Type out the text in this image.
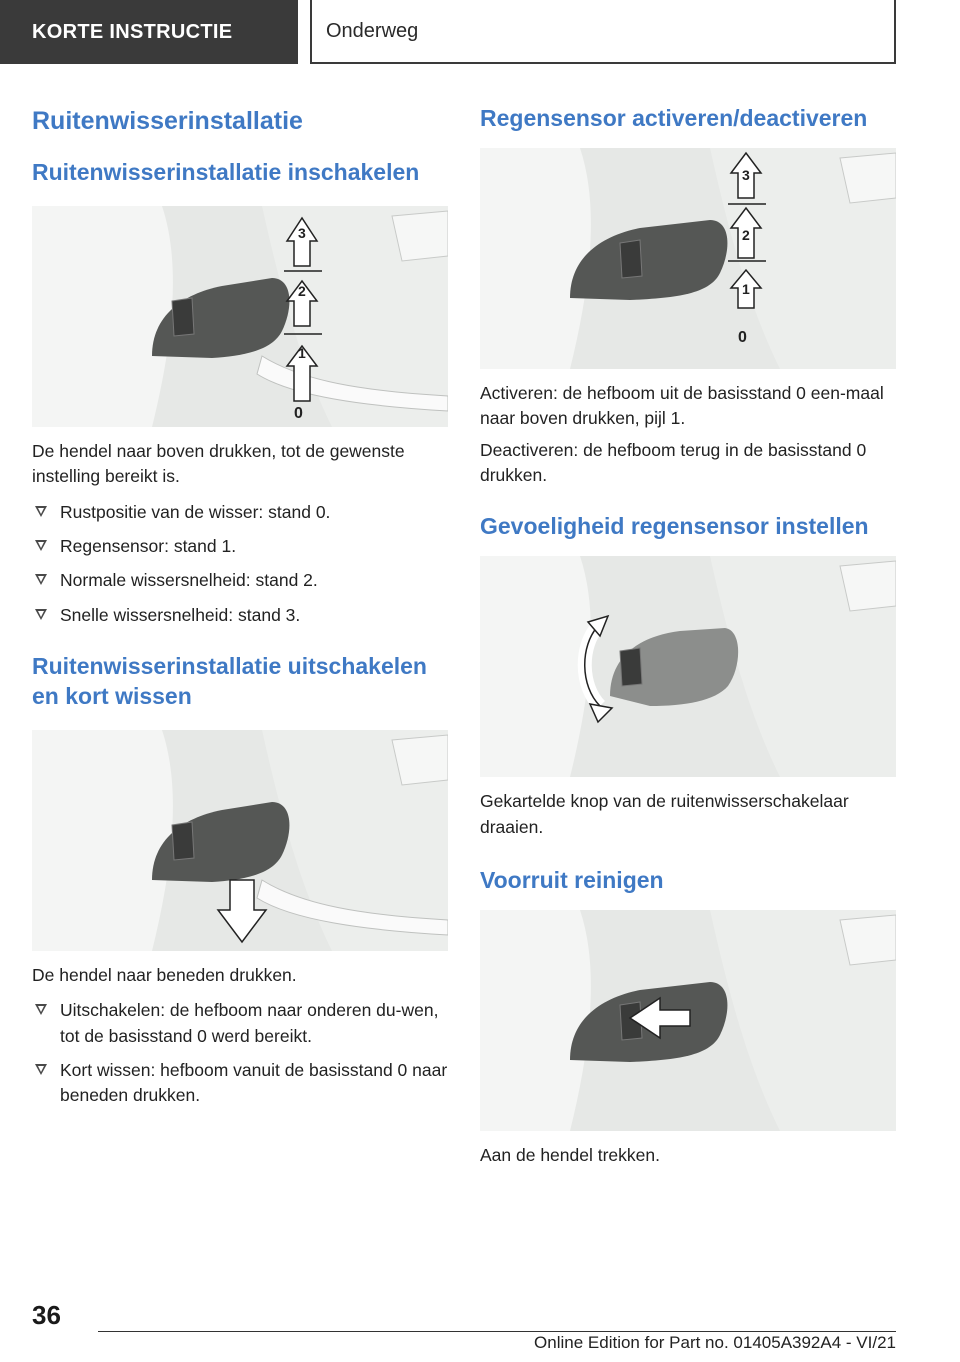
KORTE INSTRUCTIE	Onderweg
Ruitenwisserinstallatie
Ruitenwisserinstallatie inschakelen
0
1
2
3

De hendel naar boven drukken, tot de gewenste instelling bereikt is.

Rustpositie van de wisser: stand 0.
Regensensor: stand 1.
Normale wissersnelheid: stand 2.
Snelle wissersnelheid: stand 3.
Ruitenwisserinstallatie uitschakelen en kort wissen

De hendel naar beneden drukken.

Uitschakelen: de hefboom naar onderen du‑wen, tot de basisstand 0 werd bereikt.
Kort wissen: hefboom vanuit de basisstand 0 naar beneden drukken.
Regensensor activeren/deactiveren
0
1
2
3

Activeren: de hefboom uit de basisstand 0 een‑maal naar boven drukken, pijl 1.

Deactiveren: de hefboom terug in de basisstand 0 drukken.

Gevoeligheid regensensor instellen

Gekartelde knop van de ruitenwisserschakelaar draaien.

Voorruit reinigen

Aan de hendel trekken.

36
Online Edition for Part no. 01405A392A4 - VI/21
